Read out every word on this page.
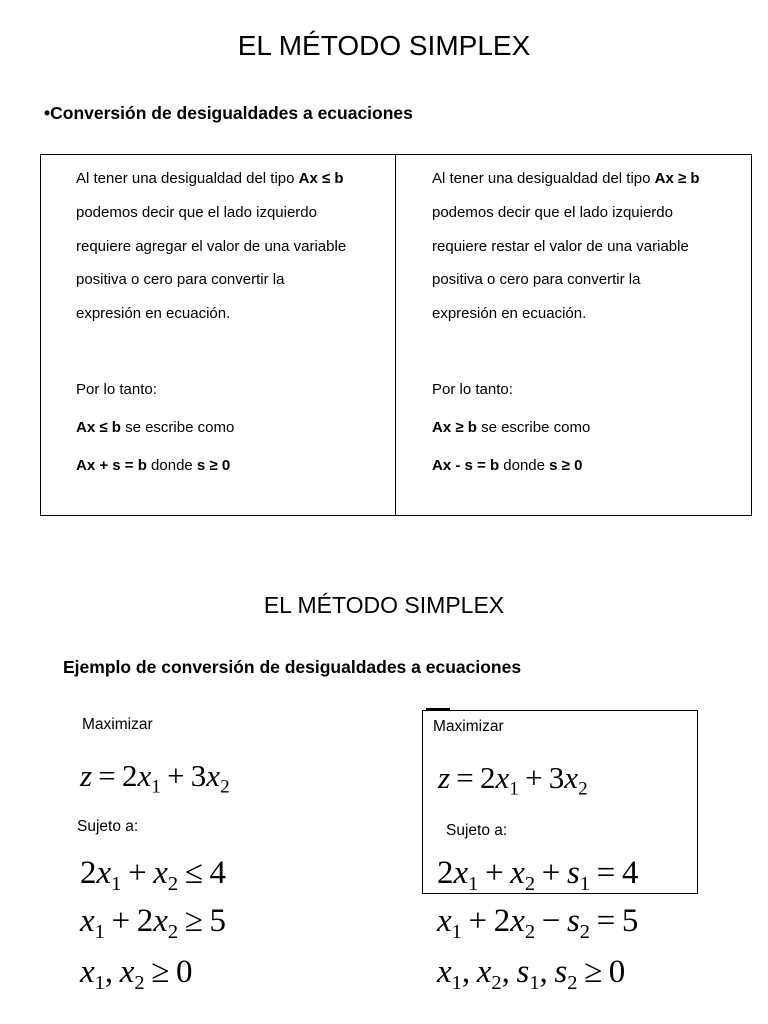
EL MÉTODO SIMPLEX
•Conversión de desigualdades a ecuaciones
Al tener una desigualdad del tipo Ax ≤ b
podemos decir que el lado izquierdo
requiere agregar el valor de una variable
positiva o cero para convertir la
expresión en ecuación.
Por lo tanto:
Ax ≤ b se escribe como
Ax + s = b donde s ≥ 0
Al tener una desigualdad del tipo Ax ≥ b
podemos decir que el lado izquierdo
requiere restar el valor de una variable
positiva o cero para convertir la
expresión en ecuación.
Por lo tanto:
Ax ≥ b se escribe como
Ax - s = b donde s ≥ 0
EL MÉTODO SIMPLEX
Ejemplo de conversión de desigualdades a ecuaciones
Maximizar
$z = 2x_1 + 3x_2$
Sujeto a:
$2x_1 + x_2 \le 4$
$x_1 + 2x_2 \ge 5$
$x_1$,  $x_2 \ge 0$
Maximizar
$z = 2x_1 + 3x_2$
Sujeto a:
$2x_1 + x_2 + s_1 = 4$
$x_1 + 2x_2 - s_2 = 5$
$x_1$,  $x_2$,  $s_1$,  $s_2 \ge 0$
